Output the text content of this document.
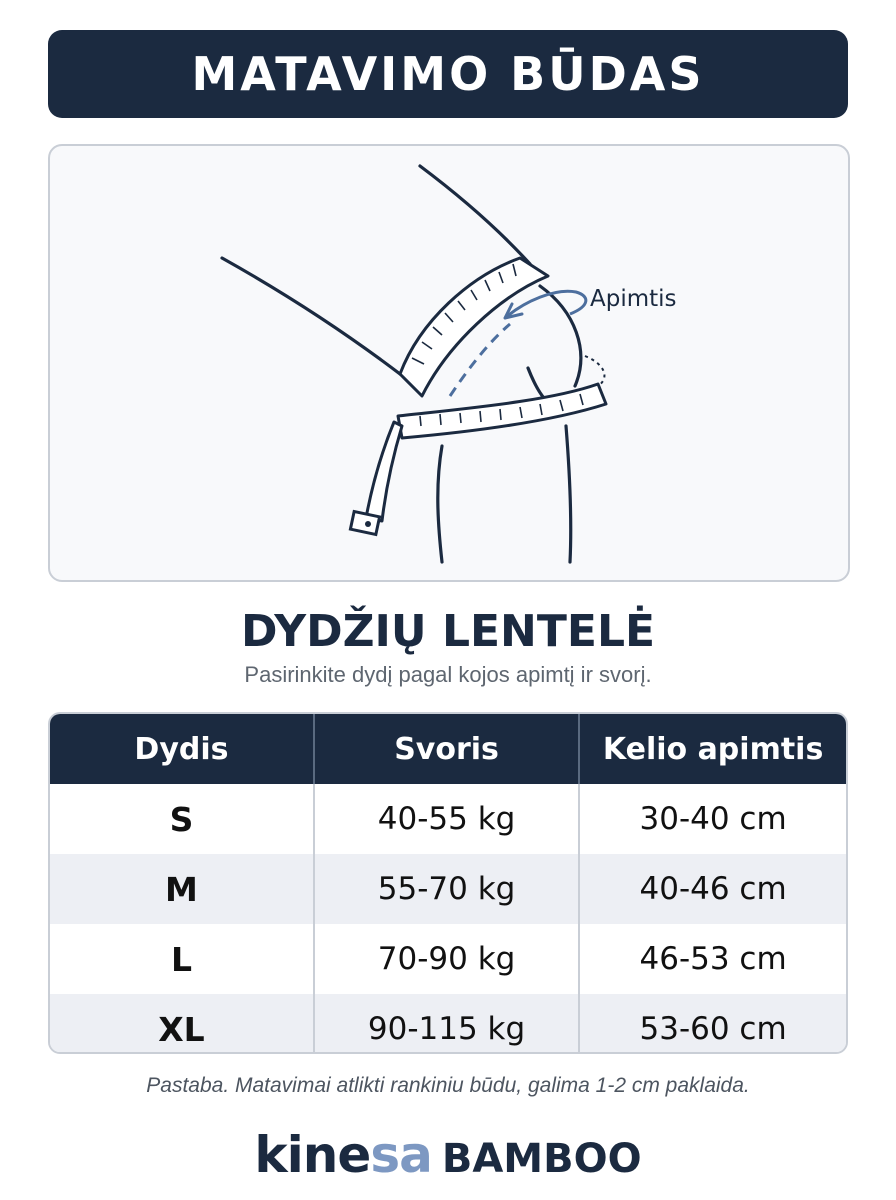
MATAVIMO BŪDAS
Apimtis
DYDŽIŲ LENTELĖ
Pasirinkite dydį pagal kojos apimtį ir svorį.
Dydis	Svoris	Kelio apimtis
S	40-55 kg	30-40 cm
M	55-70 kg	40-46 cm
L	70-90 kg	46-53 cm
XL	90-115 kg	53-60 cm
Pastaba. Matavimai atlikti rankiniu būdu, galima 1-2 cm paklaida.
kinesa BAMBOO
